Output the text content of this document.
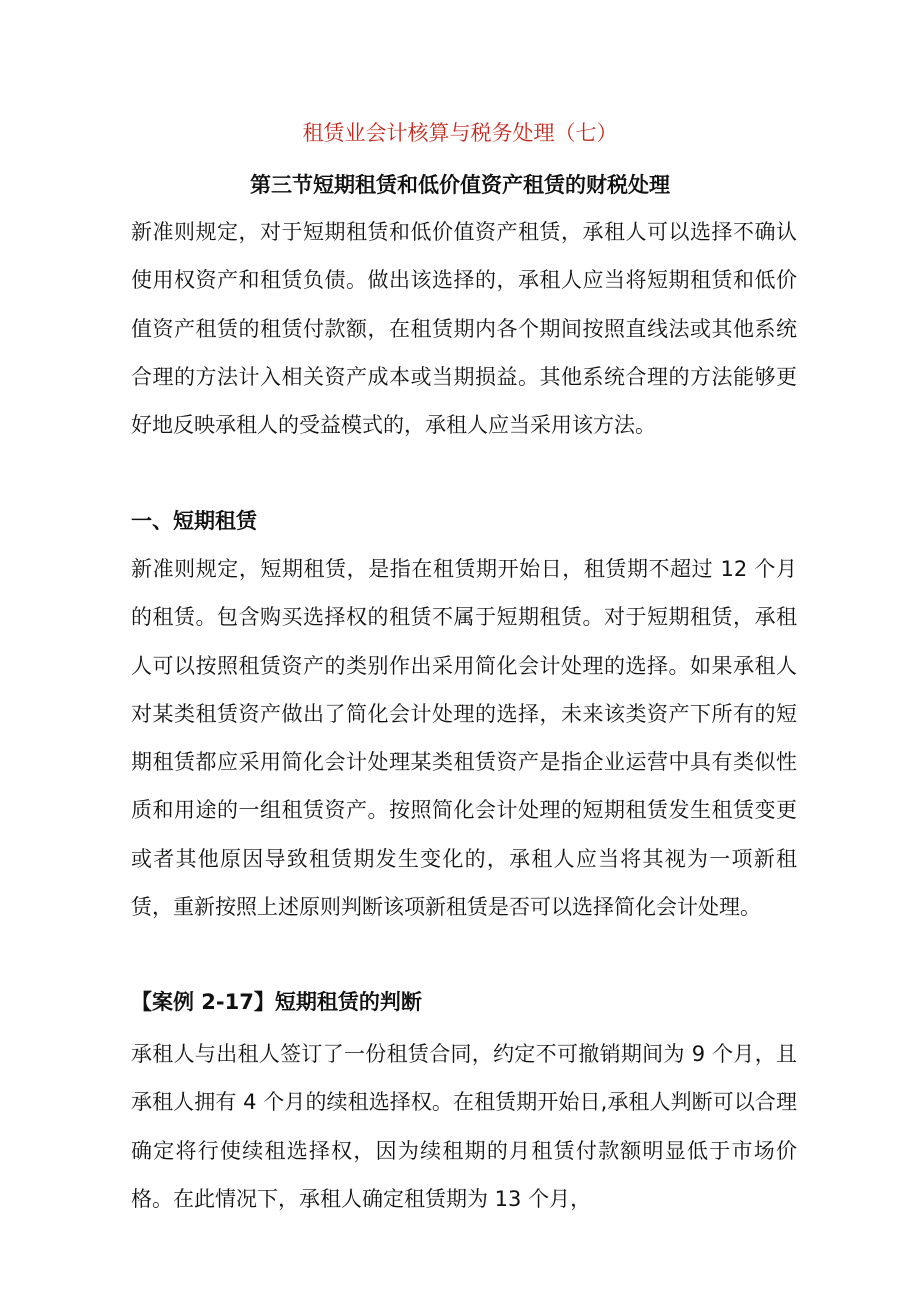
租赁业会计核算与税务处理（七）
第三节短期租赁和低价值资产租赁的财税处理

新准则规定，对于短期租赁和低价值资产租赁，承租人可以选择不确认使用权资产和租赁负债。做出该选择的，承租人应当将短期租赁和低价值资产租赁的租赁付款额，在租赁期内各个期间按照直线法或其他系统合理的方法计入相关资产成本或当期损益。其他系统合理的方法能够更好地反映承租人的受益模式的，承租人应当采用该方法。

一、短期租赁

新准则规定，短期租赁，是指在租赁期开始日，租赁期不超过 12 个月的租赁。包含购买选择权的租赁不属于短期租赁。对于短期租赁，承租人可以按照租赁资产的类别作出采用简化会计处理的选择。如果承租人对某类租赁资产做出了简化会计处理的选择，未来该类资产下所有的短期租赁都应采用简化会计处理某类租赁资产是指企业运营中具有类似性质和用途的一组租赁资产。按照简化会计处理的短期租赁发生租赁变更或者其他原因导致租赁期发生变化的，承租人应当将其视为一项新租赁，重新按照上述原则判断该项新租赁是否可以选择简化会计处理。

【案例 2-17】短期租赁的判断

承租人与出租人签订了一份租赁合同，约定不可撤销期间为 9 个月，且承租人拥有 4 个月的续租选择权。在租赁期开始日,承租人判断可以合理确定将行使续租选择权，因为续租期的月租赁付款额明显低于市场价格。在此情况下，承租人确定租赁期为 13 个月，
